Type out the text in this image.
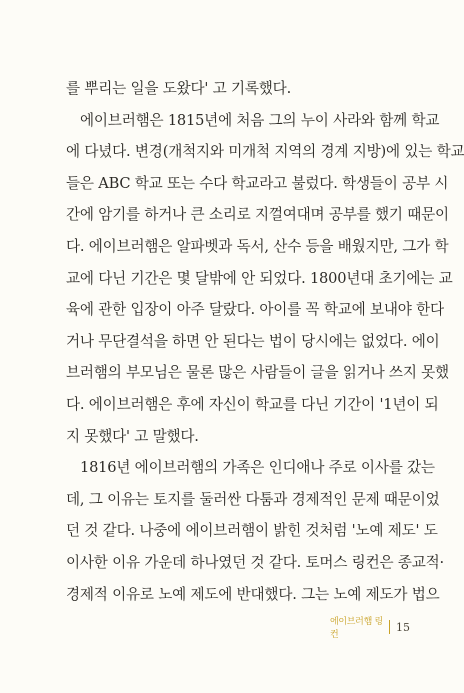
를 뿌리는 일을 도왔다' 고 기록했다.
에이브러햄은 1815년에 처음 그의 누이 사라와 함께 학교
에 다녔다. 변경(개척지와 미개척 지역의 경계 지방)에 있는 학교
들은 ABC 학교 또는 수다 학교라고 불렀다. 학생들이 공부 시
간에 암기를 하거나 큰 소리로 지껄여대며 공부를 했기 때문이
다. 에이브러햄은 알파벳과 독서, 산수 등을 배웠지만, 그가 학
교에 다닌 기간은 몇 달밖에 안 되었다. 1800년대 초기에는 교
육에 관한 입장이 아주 달랐다. 아이를 꼭 학교에 보내야 한다
거나 무단결석을 하면 안 된다는 법이 당시에는 없었다. 에이
브러햄의 부모님은 물론 많은 사람들이 글을 읽거나 쓰지 못했
다. 에이브러햄은 후에 자신이 학교를 다닌 기간이 '1년이 되
지 못했다' 고 말했다.
1816년 에이브러햄의 가족은 인디애나 주로 이사를 갔는
데, 그 이유는 토지를 둘러싼 다툼과 경제적인 문제 때문이었
던 것 같다. 나중에 에이브러햄이 밝힌 것처럼 '노예 제도' 도
이사한 이유 가운데 하나였던 것 같다. 토머스 링컨은 종교적·
경제적 이유로 노예 제도에 반대했다. 그는 노예 제도가 법으
에이브러햄 링컨
15
